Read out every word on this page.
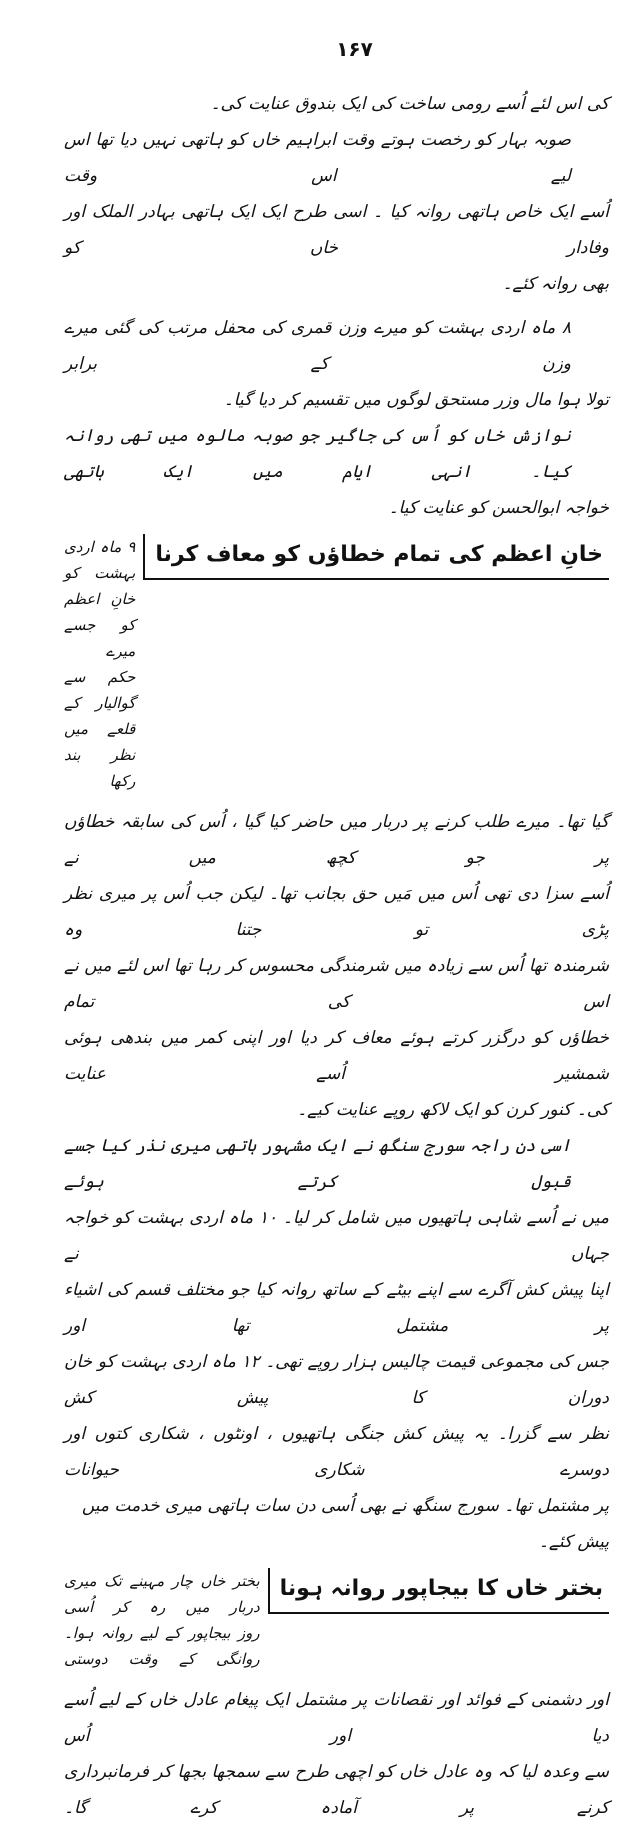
۱۶۷
کی اس لئے اُسے رومی ساخت کی ایک بندوق عنایت کی۔
صوبہ بہار کو رخصت ہوتے وقت ابراہیم خاں کو ہاتھی نہیں دیا تھا اس لیے اس وقت
اُسے ایک خاص ہاتھی روانہ کیا ۔ اسی طرح ایک ایک ہاتھی بہادر الملک اور وفادار خاں کو
بھی روانہ کئے۔
۸ ماہ اردی بہشت کو میرے وزن قمری کی محفل مرتب کی گئی میرے وزن کے برابر
تولا ہوا مال وزر مستحق لوگوں میں تقسیم کر دیا گیا۔
نوازش خاں کو اُس کی جاگیر جو صوبہ مالوہ میں تھی روانہ کیا۔ انہی ایام میں ایک ہاتھی
خواجہ ابوالحسن کو عنایت کیا۔
خانِ اعظم کی تمام خطاؤں کو معاف کرنا
۹ ماہ اردی بہشت کو خانِ اعظم کو جسے میرے
حکم سے گوالیار کے قلعے میں نظر بند رکھا
گیا تھا۔ میرے طلب کرنے پر دربار میں حاضر کیا گیا ، اُس کی سابقہ خطاؤں پر جو کچھ میں نے
اُسے سزا دی تھی اُس میں مَیں حق بجانب تھا۔ لیکن جب اُس پر میری نظر پڑی تو جتنا وہ
شرمندہ تھا اُس سے زیادہ میں شرمندگی محسوس کر رہا تھا اس لئے میں نے اس کی تمام
خطاؤں کو درگزر کرتے ہوئے معاف کر دیا اور اپنی کمر میں بندھی ہوئی شمشیر اُسے عنایت
کی۔ کنور کرن کو ایک لاکھ روپے عنایت کیے۔
اسی دن راجہ سورج سنگھ نے ایک مشہور ہاتھی میری نذر کیا جسے قبول کرتے ہوئے
میں نے اُسے شاہی ہاتھیوں میں شامل کر لیا۔ ۱۰ ماہ اردی بہشت کو خواجہ جہاں نے
اپنا پیش کش آگرے سے اپنے بیٹے کے ساتھ روانہ کیا جو مختلف قسم کی اشیاء پر مشتمل تھا اور
جس کی مجموعی قیمت چالیس ہزار روپے تھی۔ ۱۲ ماہ اردی بہشت کو خان دوران کا پیش کش
نظر سے گزرا۔ یہ پیش کش جنگی ہاتھیوں ، اونٹوں ، شکاری کتوں اور دوسرے شکاری حیوانات
پر مشتمل تھا۔ سورج سنگھ نے بھی اُسی دن سات ہاتھی میری خدمت میں پیش کئے۔
بختر خاں کا بیجاپور روانہ ہونا
بختر خاں چار مہینے تک میری دربار میں رہ کر اُسی
روز بیجاپور کے لیے روانہ ہوا۔ روانگی کے وقت دوستی
اور دشمنی کے فوائد اور نقصانات پر مشتمل ایک پیغام عادل خاں کے لیے اُسے دیا اور اُس
سے وعدہ لیا کہ وہ عادل خاں کو اچھی طرح سے سمجھا بجھا کر فرمانبرداری کرنے پر آمادہ کرے گا۔
